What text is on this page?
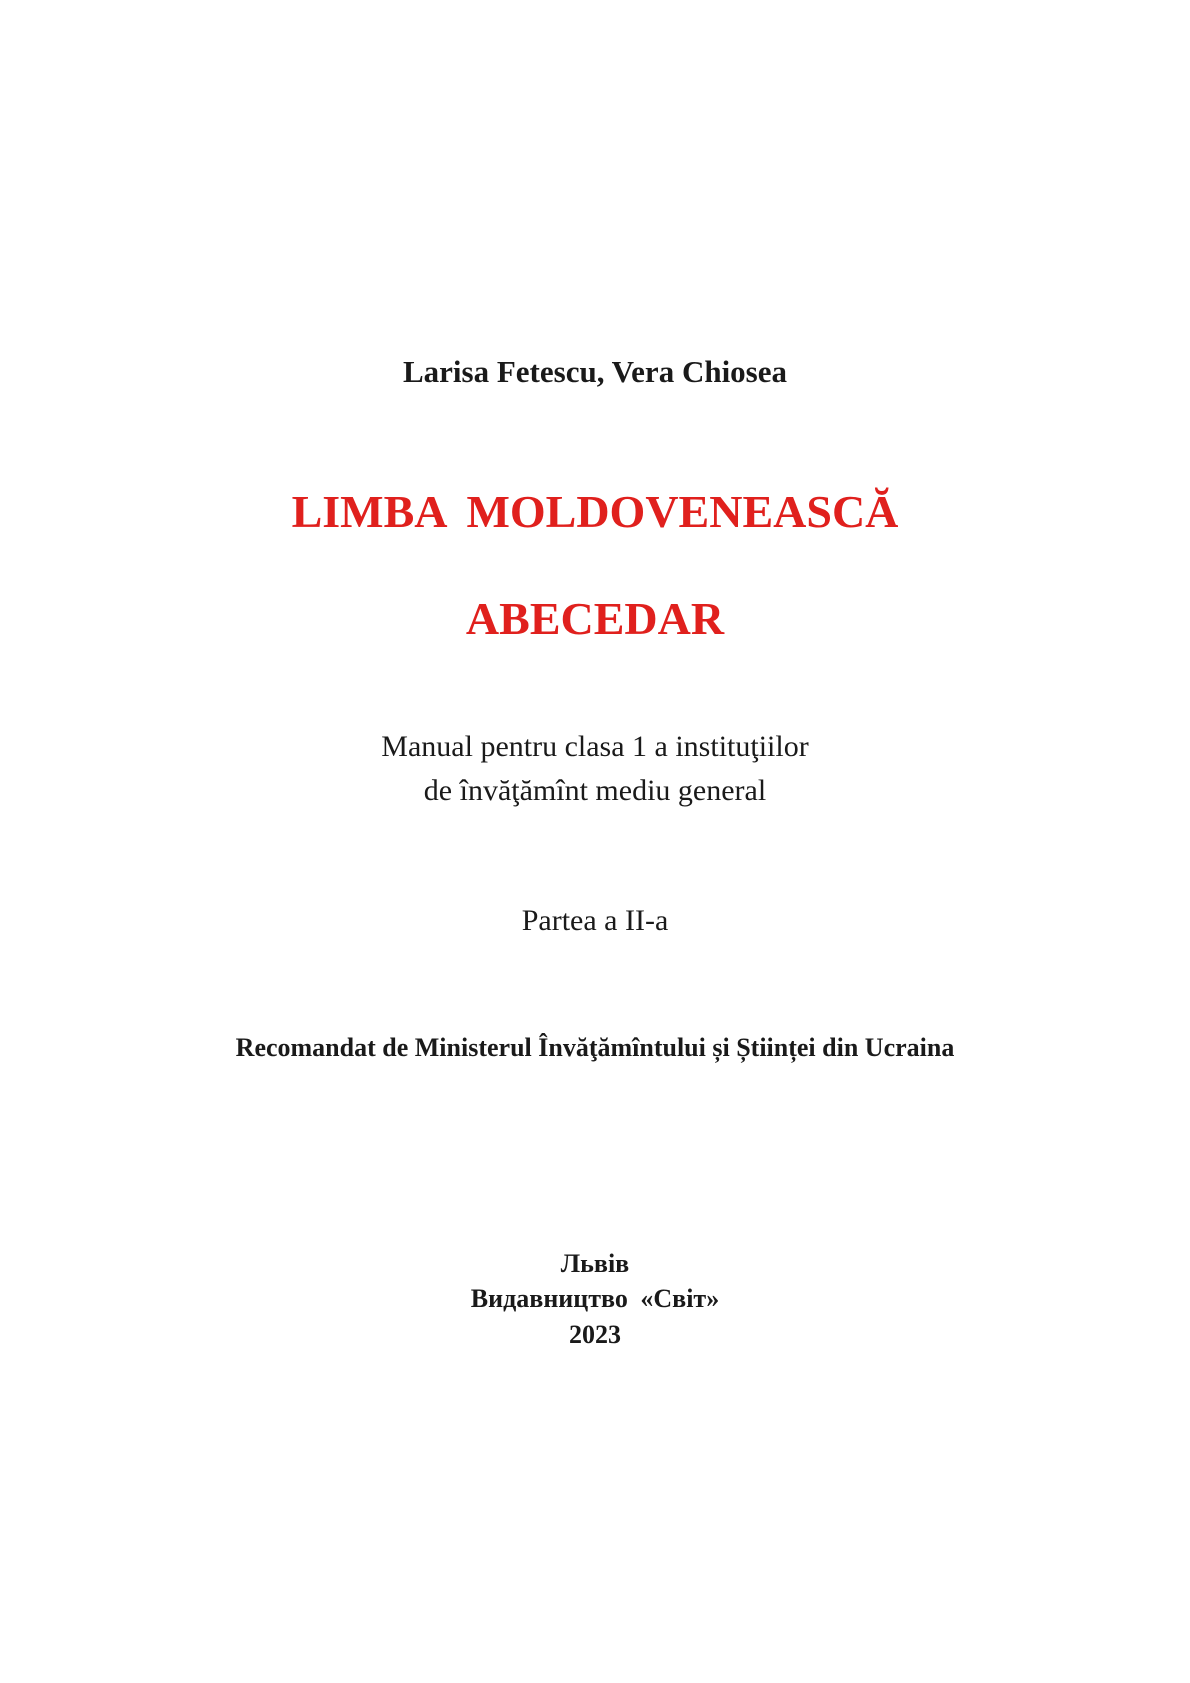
Larisa Fetescu, Vera Chiosea
LIMBA MOLDOVENEASCĂ
ABECEDAR
Manual pentru clasa 1 a instituţiilor
de învăţămînt mediu general
Partea a II-a
Recomandat de Ministerul Învăţămîntului și Științei din Ucraina
Львів
Видавництво «Світ»
2023
